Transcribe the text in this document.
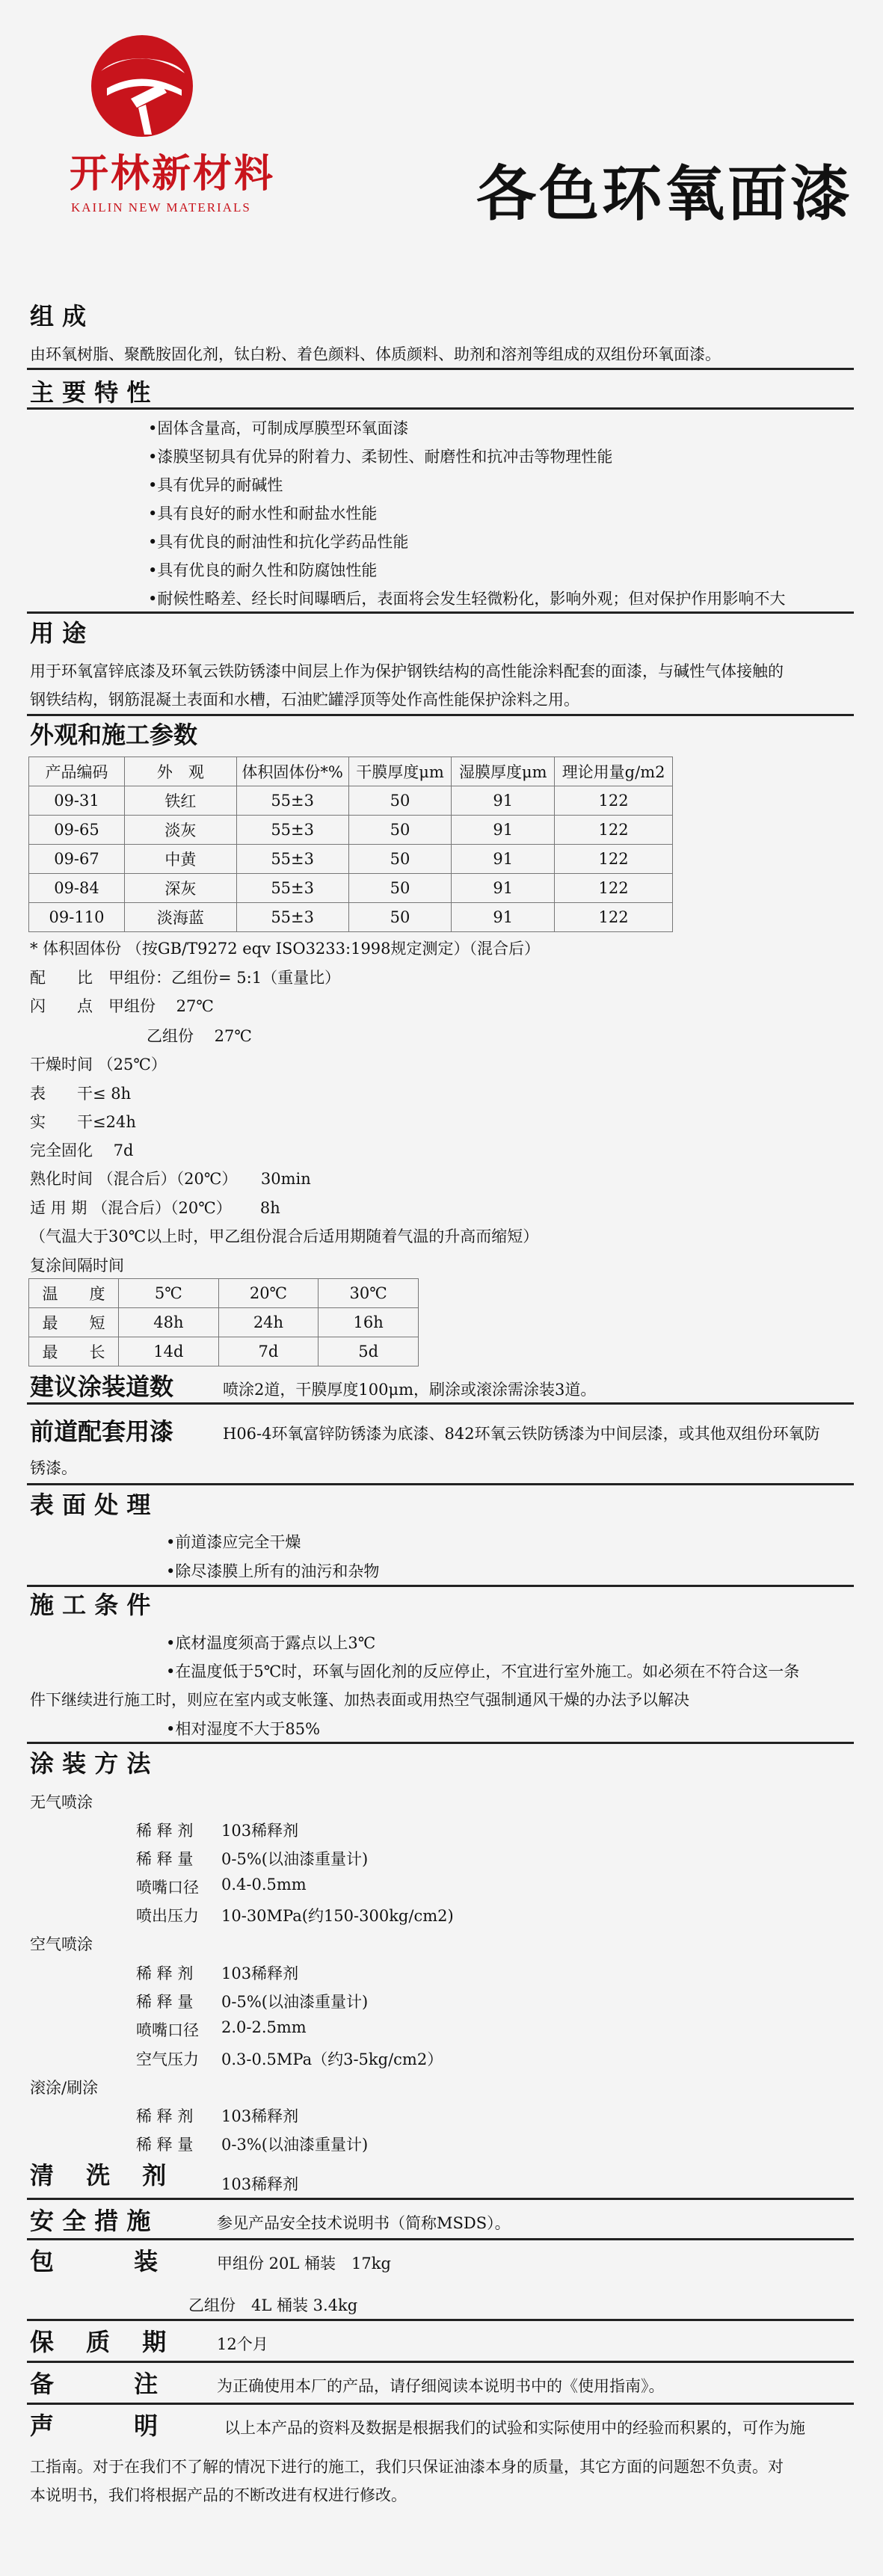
开林新材料
KAILIN NEW MATERIALS	各色环氧面漆
组 成
由环氧树脂、聚酰胺固化剂，钛白粉、着色颜料、体质颜料、助剂和溶剂等组成的双组份环氧面漆。
主 要 特 性
•固体含量高，可制成厚膜型环氧面漆
•漆膜坚韧具有优异的附着力、柔韧性、耐磨性和抗冲击等物理性能
•具有优异的耐碱性
•具有良好的耐水性和耐盐水性能
•具有优良的耐油性和抗化学药品性能
•具有优良的耐久性和防腐蚀性能
•耐候性略差、经长时间曝晒后，表面将会发生轻微粉化，影响外观；但对保护作用影响不大
用 途
用于环氧富锌底漆及环氧云铁防锈漆中间层上作为保护钢铁结构的高性能涂料配套的面漆，与碱性气体接触的
钢铁结构，钢筋混凝土表面和水槽，石油贮罐浮顶等处作高性能保护涂料之用。
外观和施工参数
产品编码	外　观	体积固体份*%	干膜厚度μm	湿膜厚度μm	理论用量g/m2
09-31	铁红	55±3	50	91	122
09-65	淡灰	55±3	50	91	122
09-67	中黄	55±3	50	91	122
09-84	深灰	55±3	50	91	122
09-110	淡海蓝	55±3	50	91	122
* 体积固体份 （按GB/T9272 eqv ISO3233:1998规定测定）（混合后）
配　　比　甲组份：乙组份= 5:1（重量比）
闪　　点　甲组份　 27℃
乙组份　 27℃
干燥时间 （25℃）
表　　干≤ 8h
实　　干≤24h
完全固化　 7d
熟化时间 （混合后）（20℃）　　30min
适 用 期 （混合后）（20℃）　　 8h
（气温大于30℃以上时，甲乙组份混合后适用期随着气温的升高而缩短）
复涂间隔时间
温　　度	5℃	20℃	30℃
最　　短	48h	24h	16h
最　　长	14d	7d	5d
建议涂装道数	喷涂2道，干膜厚度100μm，刷涂或滚涂需涂装3道。
前道配套用漆	H06-4环氧富锌防锈漆为底漆、842环氧云铁防锈漆为中间层漆，或其他双组份环氧防
锈漆。
表 面 处 理
•前道漆应完全干燥
•除尽漆膜上所有的油污和杂物
施 工 条 件
•底材温度须高于露点以上3℃
•在温度低于5℃时，环氧与固化剂的反应停止，不宜进行室外施工。如必须在不符合这一条
件下继续进行施工时，则应在室内或支帐篷、加热表面或用热空气强制通风干燥的办法予以解决
•相对湿度不大于85%
涂 装 方 法
无气喷涂
稀 释 剂 103稀释剂
稀 释 量 0-5%(以油漆重量计)
喷嘴口径 0.4-0.5mm
喷出压力 10-30MPa(约150-300kg/cm2)
空气喷涂
稀 释 剂 103稀释剂
稀 释 量 0-5%(以油漆重量计)
喷嘴口径 2.0-2.5mm
空气压力 0.3-0.5MPa（约3-5kg/cm2）
滚涂/刷涂
稀 释 剂 103稀释剂
稀 释 量 0-3%(以油漆重量计)
清　 洗　 剂	103稀释剂
安 全 措 施	参见产品安全技术说明书（简称MSDS）。
包　　　 装	甲组份 20L 桶装　17kg
乙组份　4L 桶装 3.4kg
保　 质　 期	12个月
备　　　 注	为正确使用本厂的产品，请仔细阅读本说明书中的《使用指南》。
声　　　 明	以上本产品的资料及数据是根据我们的试验和实际使用中的经验而积累的，可作为施
工指南。对于在我们不了解的情况下进行的施工，我们只保证油漆本身的质量，其它方面的问题恕不负责。对
本说明书，我们将根据产品的不断改进有权进行修改。
